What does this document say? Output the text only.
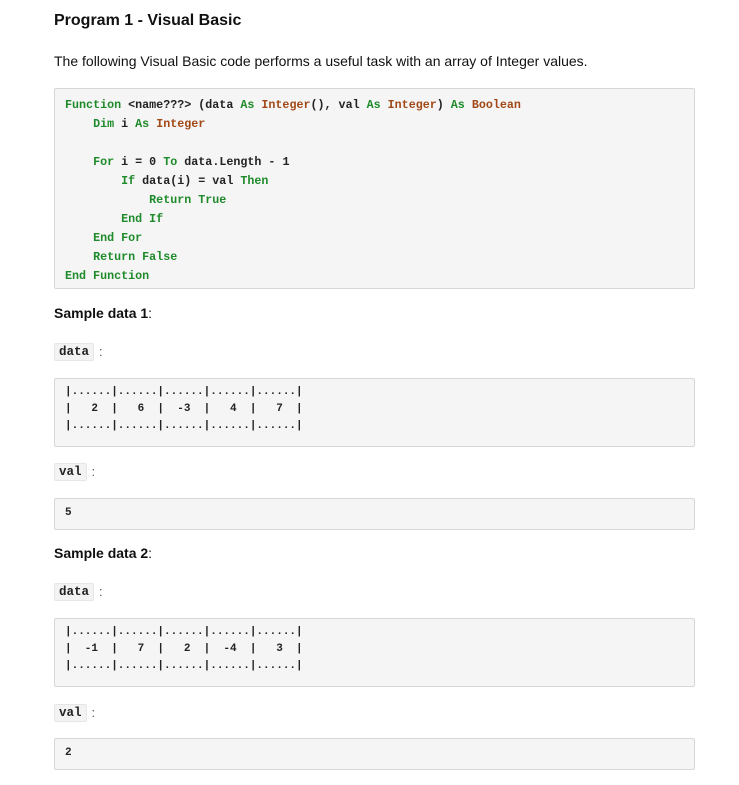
Program 1 - Visual Basic

The following Visual Basic code performs a useful task with an array of Integer values.

Function <name???> (data As Integer(), val As Integer) As Boolean
Dim i As Integer

For i = 0 To data.Length - 1
If data(i) = val Then
Return True
End If
End For
Return False
End Function
Sample data 1:
data :
|......|......|......|......|......|
|   2  |   6  |  -3  |   4  |   7  |
|......|......|......|......|......|
val :
5
Sample data 2:
data :
|......|......|......|......|......|
|  -1  |   7  |   2  |  -4  |   3  |
|......|......|......|......|......|
val :
2
